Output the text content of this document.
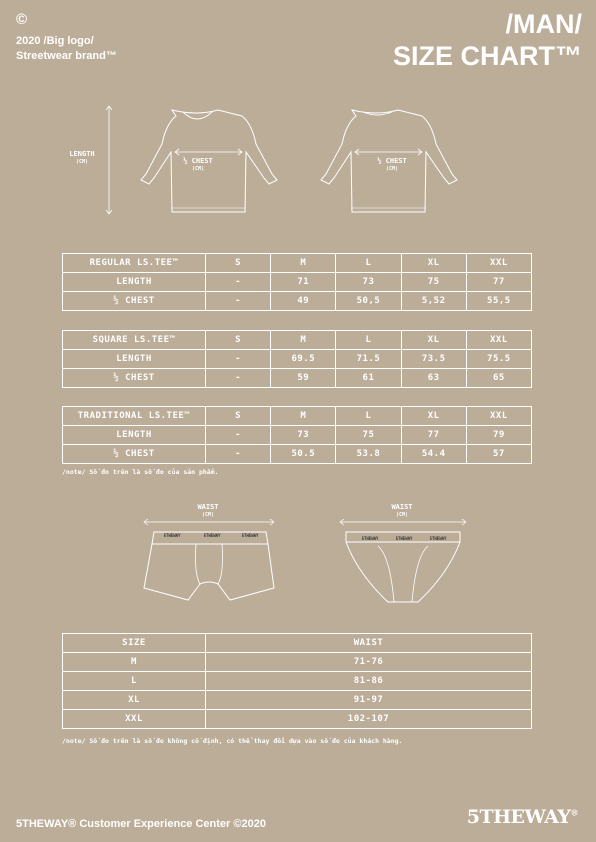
©
2020 /Big logo/
Streetwear brand™
/MAN/
SIZE CHART™
LENGTH
(CM)	½ CHEST
(CM)
½ CHEST
(CM)
REGULAR LS.TEE™	S	M	L	XL	XXL
LENGTH	-	71	73	75	77
½ CHEST	-	49	50,5	5,52	55,5
SQUARE LS.TEE™	S	M	L	XL	XXL
LENGTH	-	69.5	71.5	73.5	75.5
½ CHEST	-	59	61	63	65
TRADITIONAL LS.TEE™	S	M	L	XL	XXL
LENGTH	-	73	75	77	79
½ CHEST	-	50.5	53.8	54.4	57
/note/ Số đo trên là số đo của sản phẩm.
WAIST
(CM)
5THEWAY	5THEWAY	5THEWAY
WAIST
(CM)
5THEWAY	5THEWAY	5THEWAY
SIZE	WAIST
M	71-76
L	81-86
XL	91-97
XXL	102-107
/note/ Số đo trên là số đo không cố định, có thể thay đổi dựa vào số đo của khách hàng.
5THEWAY® Customer Experience Center ©2020	5THEWAY®
